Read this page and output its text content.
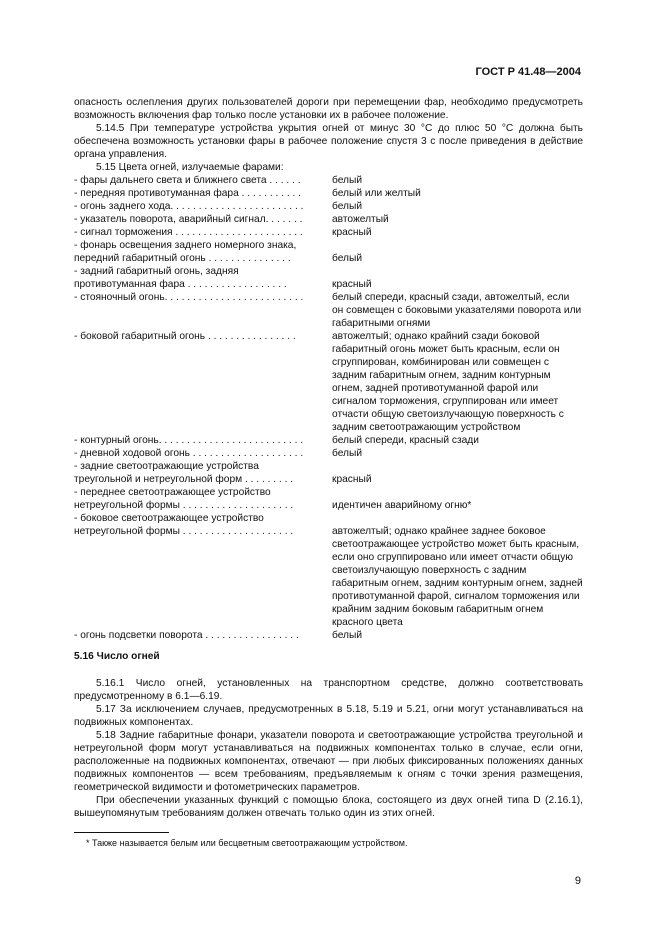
ГОСТ Р 41.48—2004

опасность ослепления других пользователей дороги при перемещении фар, необходимо предусмотреть возможность включения фар только после установки их в рабочее положение.

5.14.5 При температуре устройства укрытия огней от минус 30 °С до плюс 50 °С должна быть обеспечена возможность установки фары в рабочее положение спустя 3 с после приведения в действие органа управления.

5.15 Цвета огней, излучаемые фарами:

- фары дальнего света и ближнего света . . . . . .	белый
- передняя противотуманная фара . . . . . . . . . . .	белый или желтый
- огонь заднего хода. . . . . . . . . . . . . . . . . . . . . . . .	белый
- указатель поворота, аварийный сигнал. . . . . . .	автожелтый
- сигнал торможения . . . . . . . . . . . . . . . . . . . . . . .	красный
- фонарь освещения заднего номерного знака,
передний габаритный огонь . . . . . . . . . . . . . . .	белый
- задний габаритный огонь, задняя
противотуманная фара . . . . . . . . . . . . . . . . . .	красный
- стояночный огонь. . . . . . . . . . . . . . . . . . . . . . . . .	белый спереди, красный сзади, автожелтый, если он совмещен с боковыми указателями поворота или габаритными огнями
- боковой габаритный огонь . . . . . . . . . . . . . . . .	автожелтый; однако крайний сзади боковой габаритный огонь может быть красным, если он сгруппирован, комбинирован или совмещен с задним габаритным огнем, задним контурным огнем, задней противотуманной фарой или сигналом торможения, сгруппирован или имеет отчасти общую светоизлучающую поверхность с задним светоотражающим устройством
- контурный огонь. . . . . . . . . . . . . . . . . . . . . . . . . .	белый спереди, красный сзади
- дневной ходовой огонь . . . . . . . . . . . . . . . . . . . .	белый
- задние светоотражающие устройства
треугольной и нетреугольной форм . . . . . . . . .	красный
- переднее светоотражающее устройство
нетреугольной формы . . . . . . . . . . . . . . . . . . . .	идентичен аварийному огню*
- боковое светоотражающее устройство
нетреугольной формы . . . . . . . . . . . . . . . . . . . .	автожелтый; однако крайнее заднее боковое светоотражающее устройство может быть красным, если оно сгруппировано или имеет отчасти общую светоизлучающую поверхность с задним габаритным огнем, задним контурным огнем, задней противотуманной фарой, сигналом торможения или крайним задним боковым габаритным огнем красного цвета
- огонь подсветки поворота . . . . . . . . . . . . . . . . .	белый
5.16 Число огней

5.16.1 Число огней, установленных на транспортном средстве, должно соответствовать предусмотренному в 6.1—6.19.

5.17 За исключением случаев, предусмотренных в 5.18, 5.19 и 5.21, огни могут устанавливаться на подвижных компонентах.

5.18 Задние габаритные фонари, указатели поворота и светоотражающие устройства треугольной и нетреугольной форм могут устанавливаться на подвижных компонентах только в случае, если огни, расположенные на подвижных компонентах, отвечают — при любых фиксированных положениях данных подвижных компонентов — всем требованиям, предъявляемым к огням с точки зрения размещения, геометрической видимости и фотометрических параметров.

При обеспечении указанных функций с помощью блока, состоящего из двух огней типа D (2.16.1), вышеупомянутым требованиям должен отвечать только один из этих огней.

* Также называется белым или бесцветным светоотражающим устройством.
9
